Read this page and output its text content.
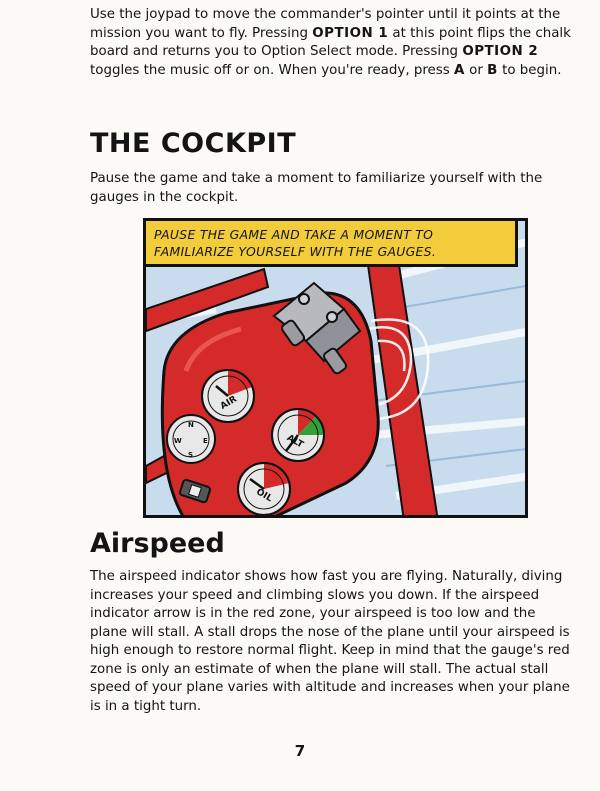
Use the joypad to move the commander's pointer until it points at the mission you want to fly. Pressing OPTION 1 at this point flips the chalk board and returns you to Option Select mode. Pressing OPTION 2 toggles the music off or on. When you're ready, press A or B to begin.

THE COCKPIT

Pause the game and take a moment to familiarize yourself with the gauges in the cockpit.

AIR
ALT
OIL
N
E
S
W
PAUSE THE GAME AND TAKE A MOMENT TO FAMILIARIZE YOURSELF WITH THE GAUGES.
Airspeed

The airspeed indicator shows how fast you are flying. Naturally, diving increases your speed and climbing slows you down. If the airspeed indicator arrow is in the red zone, your airspeed is too low and the plane will stall. A stall drops the nose of the plane until your airspeed is high enough to restore normal flight. Keep in mind that the gauge's red zone is only an estimate of when the plane will stall. The actual stall speed of your plane varies with altitude and increases when your plane is in a tight turn.

7
